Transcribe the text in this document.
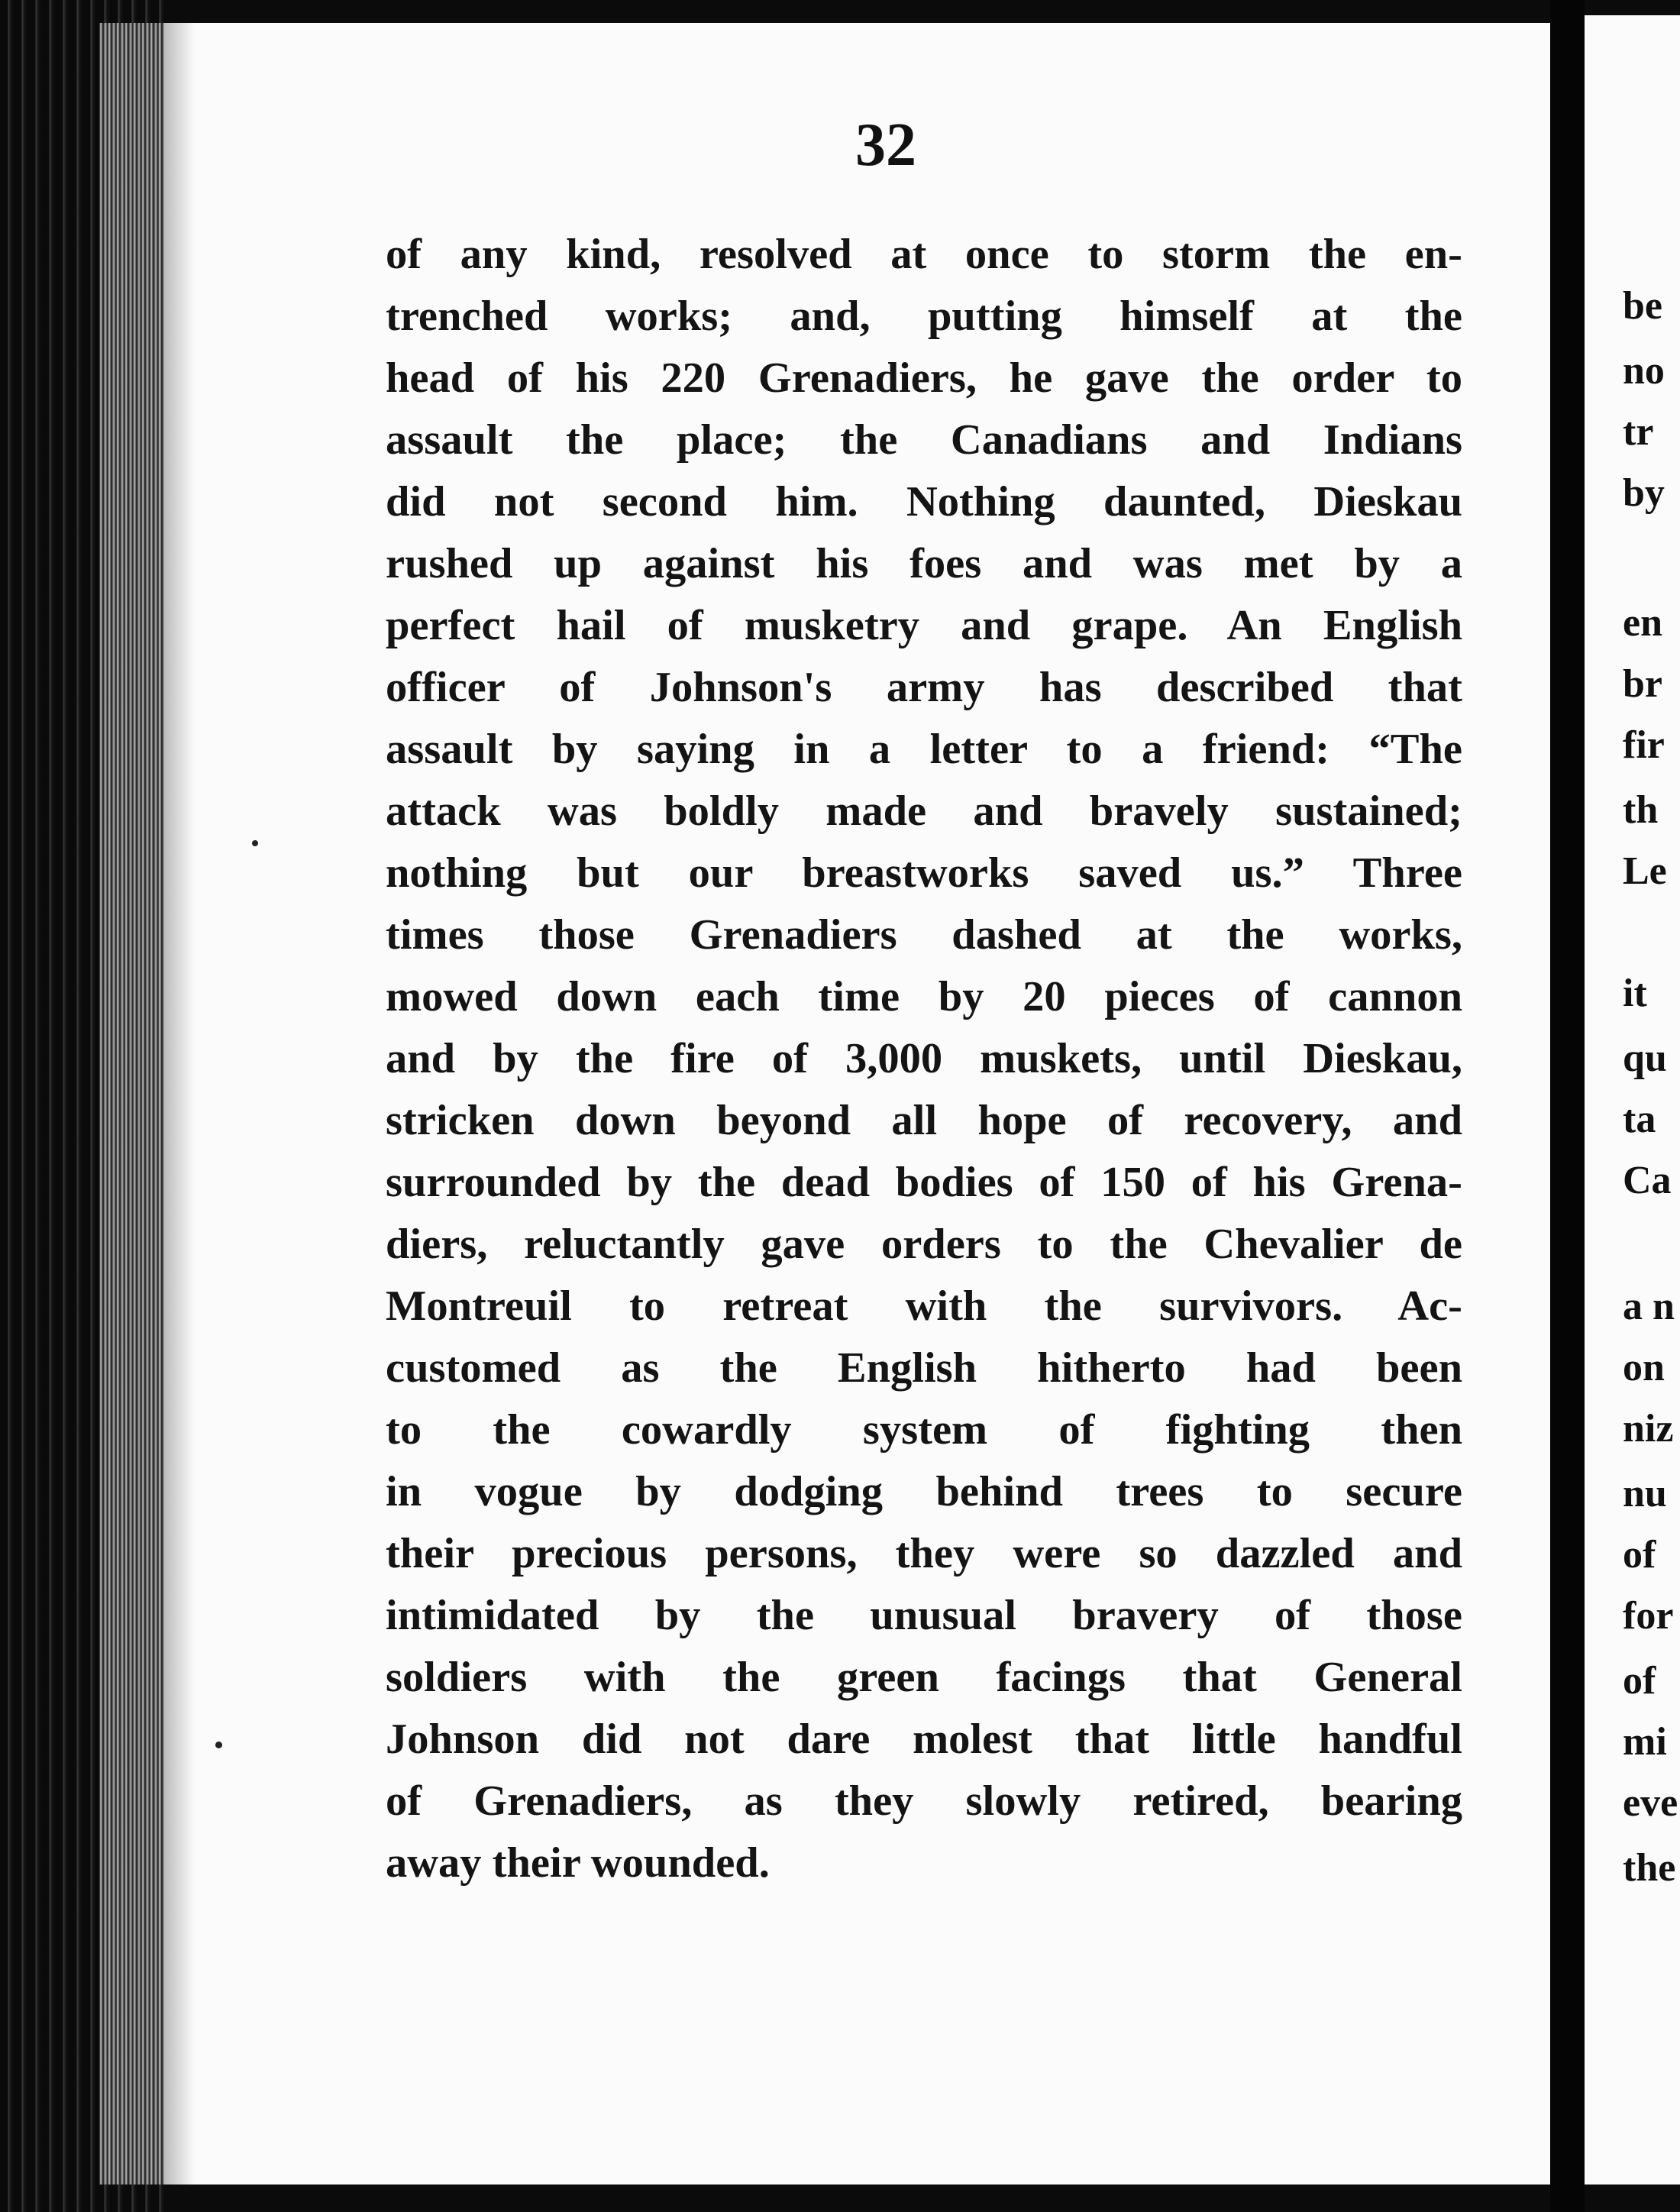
be
no
tr
by
en
br
fir
th
Le
it
qu
ta
Ca
a n
on
niz
nu
of
for
of
mi
eve
the
32
of any kind, resolved at once to storm the en-
trenched works; and, putting himself at the
head of his 220 Grenadiers, he gave the order to
assault the place; the Canadians and Indians
did not second him. Nothing daunted, Dieskau
rushed up against his foes and was met by a
perfect hail of musketry and grape. An English
officer of Johnson's army has described that
assault by saying in a letter to a friend: “The
attack was boldly made and bravely sustained;
nothing but our breastworks saved us.” Three
times those Grenadiers dashed at the works,
mowed down each time by 20 pieces of cannon
and by the fire of 3,000 muskets, until Dieskau,
stricken down beyond all hope of recovery, and
surrounded by the dead bodies of 150 of his Grena-
diers, reluctantly gave orders to the Chevalier de
Montreuil to retreat with the survivors. Ac-
customed as the English hitherto had been
to the cowardly system of fighting then
in vogue by dodging behind trees to secure
their precious persons, they were so dazzled and
intimidated by the unusual bravery of those
soldiers with the green facings that General
Johnson did not dare molest that little handful
of Grenadiers, as they slowly retired, bearing
away their wounded.
